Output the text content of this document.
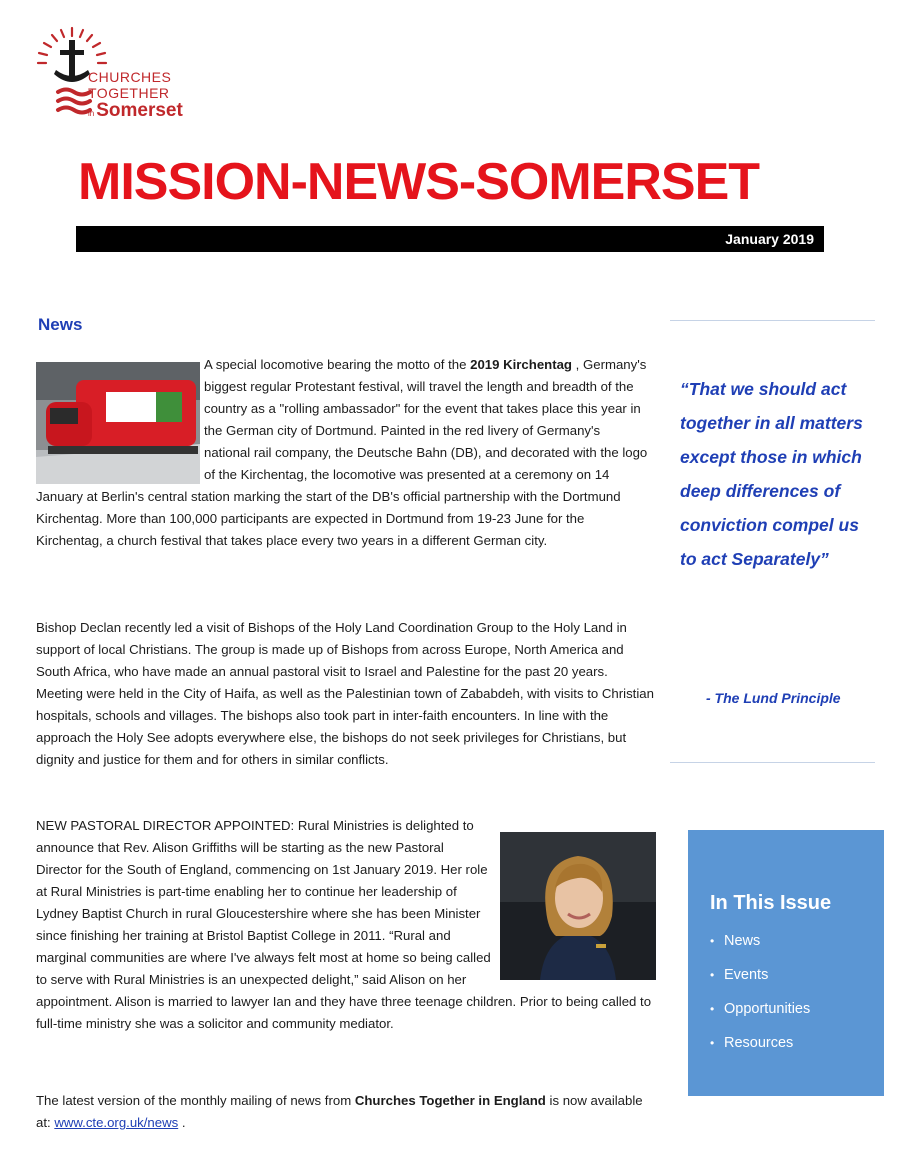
CHURCHES
TOGETHER
in Somerset
MISSION-NEWS-SOMERSET
January 2019
News
A special locomotive bearing the motto of the 2019 Kirchentag , Germany's biggest regular Protestant festival, will travel the length and breadth of the country as a "rolling ambassador" for the event that takes place this year in the German city of Dortmund. Painted in the red livery of Germany's national rail company, the Deutsche Bahn (DB), and decorated with the logo of the Kirchentag, the locomotive was presented at a ceremony on 14 January at Berlin's central station marking the start of the DB's official partnership with the Dortmund Kirchentag. More than 100,000 participants are expected in Dortmund from 19-23 June for the Kirchentag, a church festival that takes place every two years in a different German city.
Bishop Declan recently led a visit of Bishops of the Holy Land Coordination Group to the Holy Land in support of local Christians. The group is made up of Bishops from across Europe, North America and South Africa, who have made an annual pastoral visit to Israel and Palestine for the past 20 years. Meeting were held in the City of Haifa, as well as the Palestinian town of Zababdeh, with visits to Christian hospitals, schools and villages. The bishops also took part in inter-faith encounters. In line with the approach the Holy See adopts everywhere else, the bishops do not seek privileges for Christians, but dignity and justice for them and for others in similar conflicts.
NEW PASTORAL DIRECTOR APPOINTED: Rural Ministries is delighted to announce that Rev. Alison Griffiths will be starting as the new Pastoral Director for the South of England, commencing on 1st January 2019. Her role at Rural Ministries is part-time enabling her to continue her leadership of Lydney Baptist Church in rural Gloucestershire where she has been Minister since finishing her training at Bristol Baptist College in 2011. “Rural and marginal communities are where I've always felt most at home so being called to serve with Rural Ministries is an unexpected delight,” said Alison on her appointment. Alison is married to lawyer Ian and they have three teenage children. Prior to being called to full-time ministry she was a solicitor and community mediator.
The latest version of the monthly mailing of news from Churches Together in England is now available at: www.cte.org.uk/news .
“That we should act together in all matters except those in which deep differences of conviction compel us to act Separately”
- The Lund Principle
In This Issue
• News
• Events
• Opportunities
• Resources
